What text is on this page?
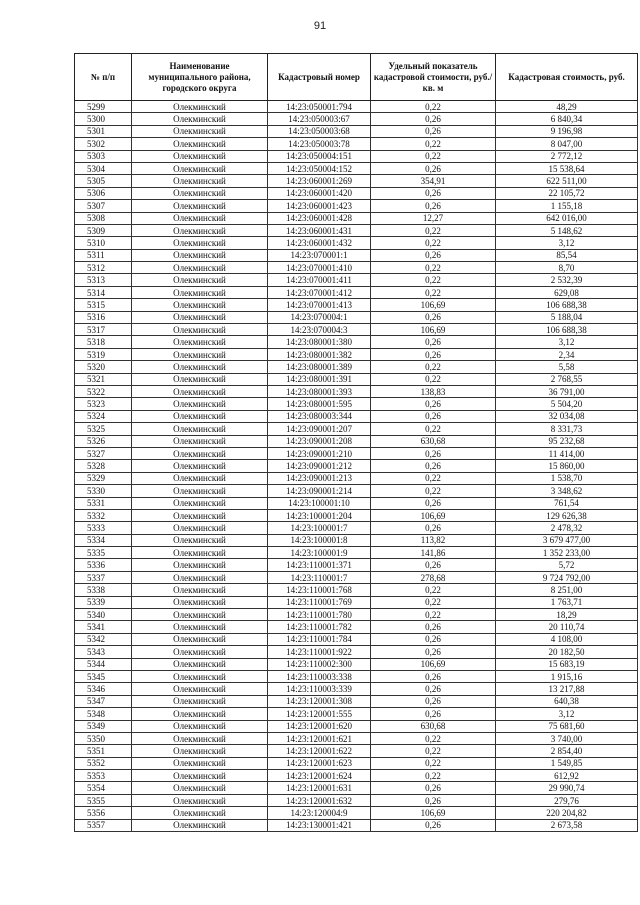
91
№ п/п	Наименование муниципального района, городского округа	Кадастровый номер	Удельный показатель кадастровой стоимости, руб./кв. м	Кадастровая стоимость, руб.
5299	Олекминский	14:23:050001:794	0,22	48,29
5300	Олекминский	14:23:050003:67	0,26	6 840,34
5301	Олекминский	14:23:050003:68	0,26	9 196,98
5302	Олекминский	14:23:050003:78	0,22	8 047,00
5303	Олекминский	14:23:050004:151	0,22	2 772,12
5304	Олекминский	14:23:050004:152	0,26	15 538,64
5305	Олекминский	14:23:060001:269	354,91	622 511,00
5306	Олекминский	14:23:060001:420	0,26	22 105,72
5307	Олекминский	14:23:060001:423	0,26	1 155,18
5308	Олекминский	14:23:060001:428	12,27	642 016,00
5309	Олекминский	14:23:060001:431	0,22	5 148,62
5310	Олекминский	14:23:060001:432	0,22	3,12
5311	Олекминский	14:23:070001:1	0,26	85,54
5312	Олекминский	14:23:070001:410	0,22	8,70
5313	Олекминский	14:23:070001:411	0,22	2 532,39
5314	Олекминский	14:23:070001:412	0,22	629,08
5315	Олекминский	14:23:070001:413	106,69	106 688,38
5316	Олекминский	14:23:070004:1	0,26	5 188,04
5317	Олекминский	14:23:070004:3	106,69	106 688,38
5318	Олекминский	14:23:080001:380	0,26	3,12
5319	Олекминский	14:23:080001:382	0,26	2,34
5320	Олекминский	14:23:080001:389	0,22	5,58
5321	Олекминский	14:23:080001:391	0,22	2 768,55
5322	Олекминский	14:23:080001:393	138,83	36 791,00
5323	Олекминский	14:23:080001:595	0,26	5 504,20
5324	Олекминский	14:23:080003:344	0,26	32 034,08
5325	Олекминский	14:23:090001:207	0,22	8 331,73
5326	Олекминский	14:23:090001:208	630,68	95 232,68
5327	Олекминский	14:23:090001:210	0,26	11 414,00
5328	Олекминский	14:23:090001:212	0,26	15 860,00
5329	Олекминский	14:23:090001:213	0,22	1 538,70
5330	Олекминский	14:23:090001:214	0,22	3 348,62
5331	Олекминский	14:23:100001:10	0,26	761,54
5332	Олекминский	14:23:100001:204	106,69	129 626,38
5333	Олекминский	14:23:100001:7	0,26	2 478,32
5334	Олекминский	14:23:100001:8	113,82	3 679 477,00
5335	Олекминский	14:23:100001:9	141,86	1 352 233,00
5336	Олекминский	14:23:110001:371	0,26	5,72
5337	Олекминский	14:23:110001:7	278,68	9 724 792,00
5338	Олекминский	14:23:110001:768	0,22	8 251,00
5339	Олекминский	14:23:110001:769	0,22	1 763,71
5340	Олекминский	14:23:110001:780	0,22	18,29
5341	Олекминский	14:23:110001:782	0,26	20 110,74
5342	Олекминский	14:23:110001:784	0,26	4 108,00
5343	Олекминский	14:23:110001:922	0,26	20 182,50
5344	Олекминский	14:23:110002:300	106,69	15 683,19
5345	Олекминский	14:23:110003:338	0,26	1 915,16
5346	Олекминский	14:23:110003:339	0,26	13 217,88
5347	Олекминский	14:23:120001:308	0,26	640,38
5348	Олекминский	14:23:120001:555	0,26	3,12
5349	Олекминский	14:23:120001:620	630,68	75 681,60
5350	Олекминский	14:23:120001:621	0,22	3 740,00
5351	Олекминский	14:23:120001:622	0,22	2 854,40
5352	Олекминский	14:23:120001:623	0,22	1 549,85
5353	Олекминский	14:23:120001:624	0,22	612,92
5354	Олекминский	14:23:120001:631	0,26	29 990,74
5355	Олекминский	14:23:120001:632	0,26	279,76
5356	Олекминский	14:23:120004:9	106,69	220 204,82
5357	Олекминский	14:23:130001:421	0,26	2 673,58
